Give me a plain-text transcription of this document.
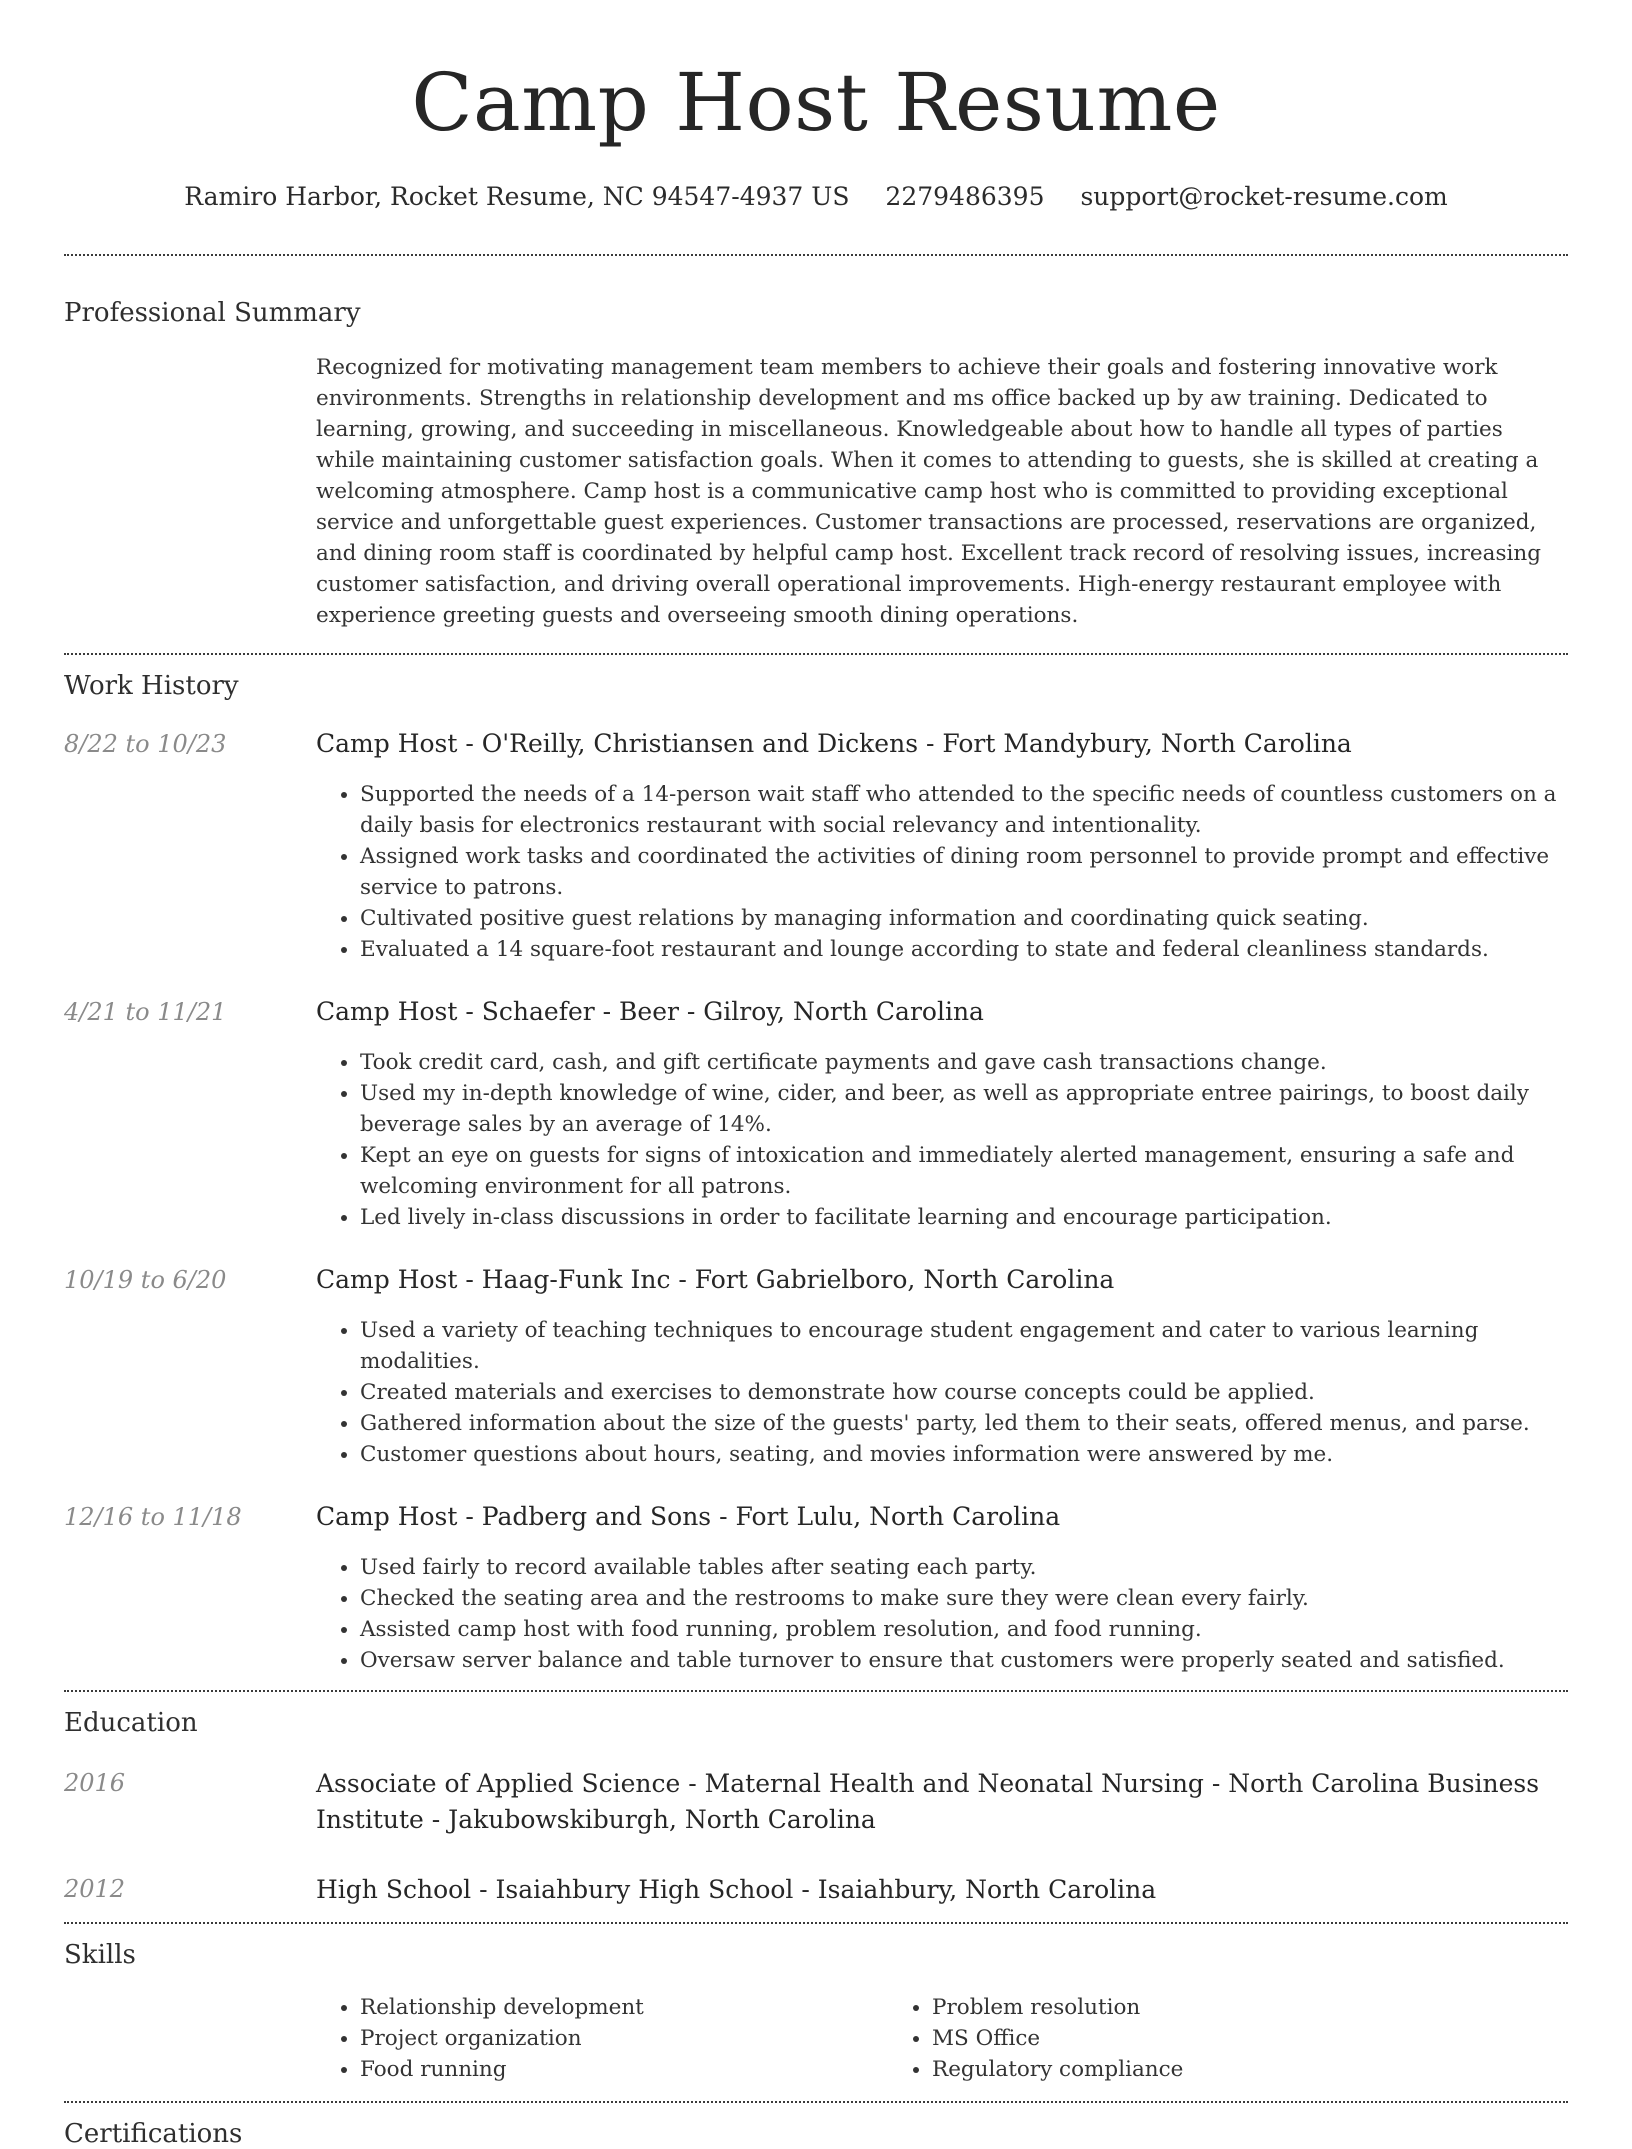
Camp Host Resume
Ramiro Harbor, Rocket Resume, NC 94547-4937 US 2279486395 support@rocket-resume.com
Professional Summary
Recognized for motivating management team members to achieve their goals and fostering innovative work environments. Strengths in relationship development and ms office backed up by aw training. Dedicated to learning, growing, and succeeding in miscellaneous. Knowledgeable about how to handle all types of parties while maintaining customer satisfaction goals. When it comes to attending to guests, she is skilled at creating a welcoming atmosphere. Camp host is a communicative camp host who is committed to providing exceptional service and unforgettable guest experiences. Customer transactions are processed, reservations are organized, and dining room staff is coordinated by helpful camp host. Excellent track record of resolving issues, increasing customer satisfaction, and driving overall operational improvements. High-energy restaurant employee with experience greeting guests and overseeing smooth dining operations.
Work History
8/22 to 10/23	Camp Host - O'Reilly, Christiansen and Dickens - Fort Mandybury, North Carolina
• Supported the needs of a 14-person wait staff who attended to the specific needs of countless customers on a daily basis for electronics restaurant with social relevancy and intentionality.
• Assigned work tasks and coordinated the activities of dining room personnel to provide prompt and effective service to patrons.
• Cultivated positive guest relations by managing information and coordinating quick seating.
• Evaluated a 14 square-foot restaurant and lounge according to state and federal cleanliness standards.
4/21 to 11/21	Camp Host - Schaefer - Beer - Gilroy, North Carolina
• Took credit card, cash, and gift certificate payments and gave cash transactions change.
• Used my in-depth knowledge of wine, cider, and beer, as well as appropriate entree pairings, to boost daily beverage sales by an average of 14%.
• Kept an eye on guests for signs of intoxication and immediately alerted management, ensuring a safe and welcoming environment for all patrons.
• Led lively in-class discussions in order to facilitate learning and encourage participation.
10/19 to 6/20	Camp Host - Haag-Funk Inc - Fort Gabrielboro, North Carolina
• Used a variety of teaching techniques to encourage student engagement and cater to various learning modalities.
• Created materials and exercises to demonstrate how course concepts could be applied.
• Gathered information about the size of the guests' party, led them to their seats, offered menus, and parse.
• Customer questions about hours, seating, and movies information were answered by me.
12/16 to 11/18	Camp Host - Padberg and Sons - Fort Lulu, North Carolina
• Used fairly to record available tables after seating each party.
• Checked the seating area and the restrooms to make sure they were clean every fairly.
• Assisted camp host with food running, problem resolution, and food running.
• Oversaw server balance and table turnover to ensure that customers were properly seated and satisfied.
Education
2016	Associate of Applied Science - Maternal Health and Neonatal Nursing - North Carolina Business Institute - Jakubowskiburgh, North Carolina
2012	High School - Isaiahbury High School - Isaiahbury, North Carolina
Skills
• Relationship development
• Project organization
• Food running
• Problem resolution
• MS Office
• Regulatory compliance
Certifications
